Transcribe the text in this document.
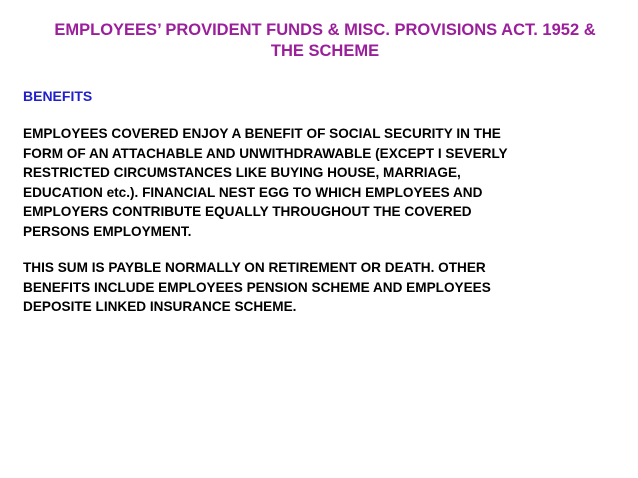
EMPLOYEES’ PROVIDENT FUNDS & MISC. PROVISIONS ACT. 1952 &
THE SCHEME
BENEFITS

EMPLOYEES COVERED ENJOY A BENEFIT OF SOCIAL SECURITY IN THE
FORM OF AN ATTACHABLE AND UNWITHDRAWABLE (EXCEPT I SEVERLY
RESTRICTED CIRCUMSTANCES LIKE BUYING HOUSE, MARRIAGE,
EDUCATION etc.). FINANCIAL NEST EGG TO WHICH EMPLOYEES AND
EMPLOYERS CONTRIBUTE EQUALLY THROUGHOUT THE COVERED
PERSONS EMPLOYMENT.

THIS SUM IS PAYBLE NORMALLY ON RETIREMENT OR DEATH. OTHER
BENEFITS INCLUDE EMPLOYEES PENSION SCHEME AND EMPLOYEES
DEPOSITE LINKED INSURANCE SCHEME.
